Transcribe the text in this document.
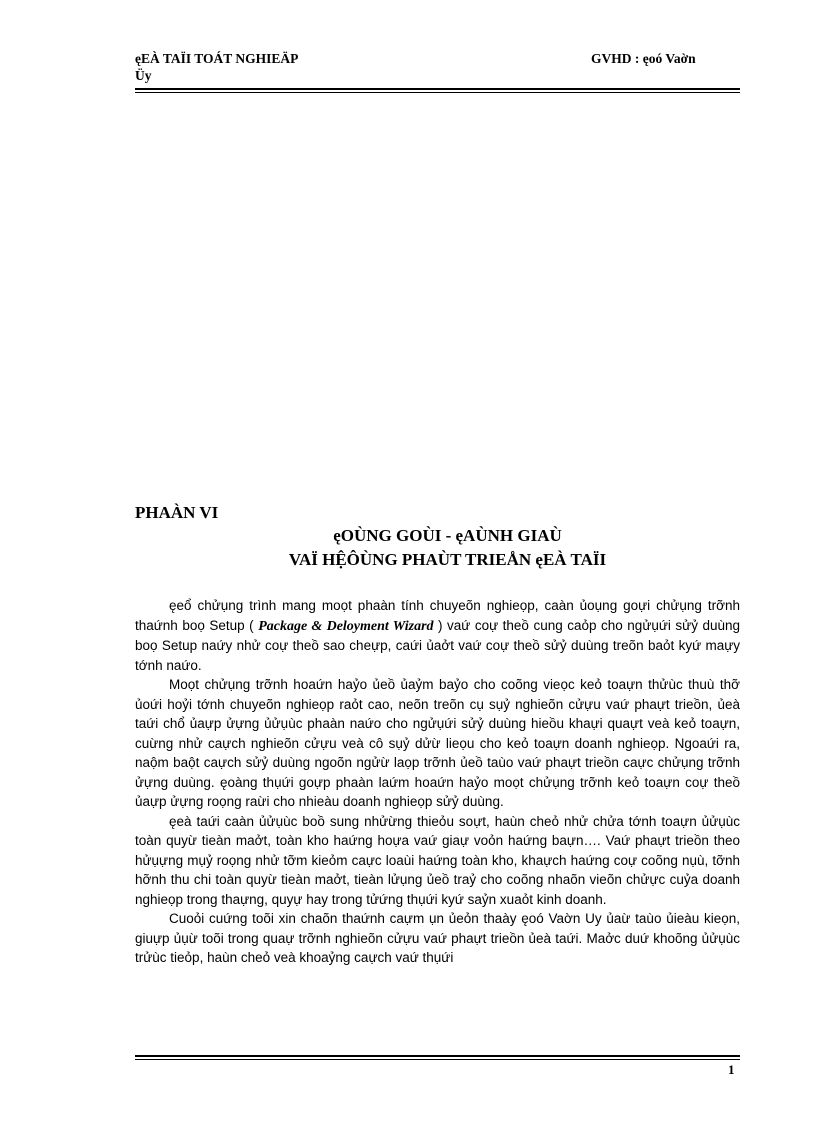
ęEÀ TAÏI TOÁT NGHIEÄP
Üy
GVHD : ęoó Vaờn
PHAÀN VI
ęOÙNG GOÙI - ęAÙNH GIAÙ
VAÏ HỆÔÙNG PHAÙT TRIEÅN ęEÀ TAÏI

ęeổ chửụng trình mang moọt phaàn tính chuyeõn nghieọp, caàn ủoụng goựi chửụng trỡnh thaứnh boọ Setup ( Package & Deloyment Wizard ) vaứ coự theồ cung caỏp cho ngửụứi sửỷ duùng boọ Setup naứy nhử coự theồ sao cheựp, caứi ủaởt vaứ coự theồ sửỷ duùng treõn baỏt kyứ maựy tớnh naứo.

Moọt chửụng trỡnh hoaứn haỷo ủeồ ủaỷm baỷo cho coõng vieọc keỏ toaựn thửùc thuù thỡ ủoứi hoỷi tớnh chuyeõn nghieọp raỏt cao, neõn treõn cụ sụỷ nghieõn cửựu vaứ phaựt trieồn, ủeà taứi chổ ủaựp ửựng ủửụùc phaàn naứo cho ngửụứi sửỷ duùng hieồu khaựi quaựt veà keỏ toaựn, cuừng nhử caựch nghieõn cửựu veà cô sụỷ dửừ lieọu cho keỏ toaựn doanh nghieọp. Ngoaứi ra, naộm baột caựch sửỷ duùng ngoõn ngửừ laọp trỡnh ủeồ taùo vaứ phaựt trieồn caực chửụng trỡnh ửựng duùng. ęoàng thụứi goựp phaàn laứm hoaứn haỷo moọt chửụng trỡnh keỏ toaựn coự theồ ủaựp ửựng roọng raừi cho nhieàu doanh nghieọp sửỷ duùng.

ęeà taứi caàn ủửụùc boồ sung nhửừng thieỏu soựt, haùn cheỏ nhử chửa tớnh toaựn ủửụùc toàn quyừ tieàn maởt, toàn kho haứng hoựa vaứ giaự voỏn haứng baựn…. Vaứ phaựt trieồn theo hửụựng mụỷ roọng nhử tỡm kieỏm caực loaùi haứng toàn kho, khaựch haứng coự coõng nụù, tỡnh hỡnh thu chi toàn quyừ tieàn maởt, tieàn lửụng ủeồ traỷ cho coõng nhaõn vieõn chửực cuỷa doanh nghieọp trong thaựng, quyự hay trong tửứng thụứi kyứ saỷn xuaỏt kinh doanh.

Cuoỏi cuứng toõi xin chaõn thaứnh caựm ụn ủeỏn thaày ęoó Vaờn Uy ủaừ taùo ủieàu kieọn, giuựp ủụừ toõi trong quaự trỡnh nghieõn cửựu vaứ phaựt trieồn ủeà taứi. Maởc duứ khoõng ủửụùc trửùc tieỏp, haùn cheỏ veà khoaỷng caựch vaứ thụứi

1
